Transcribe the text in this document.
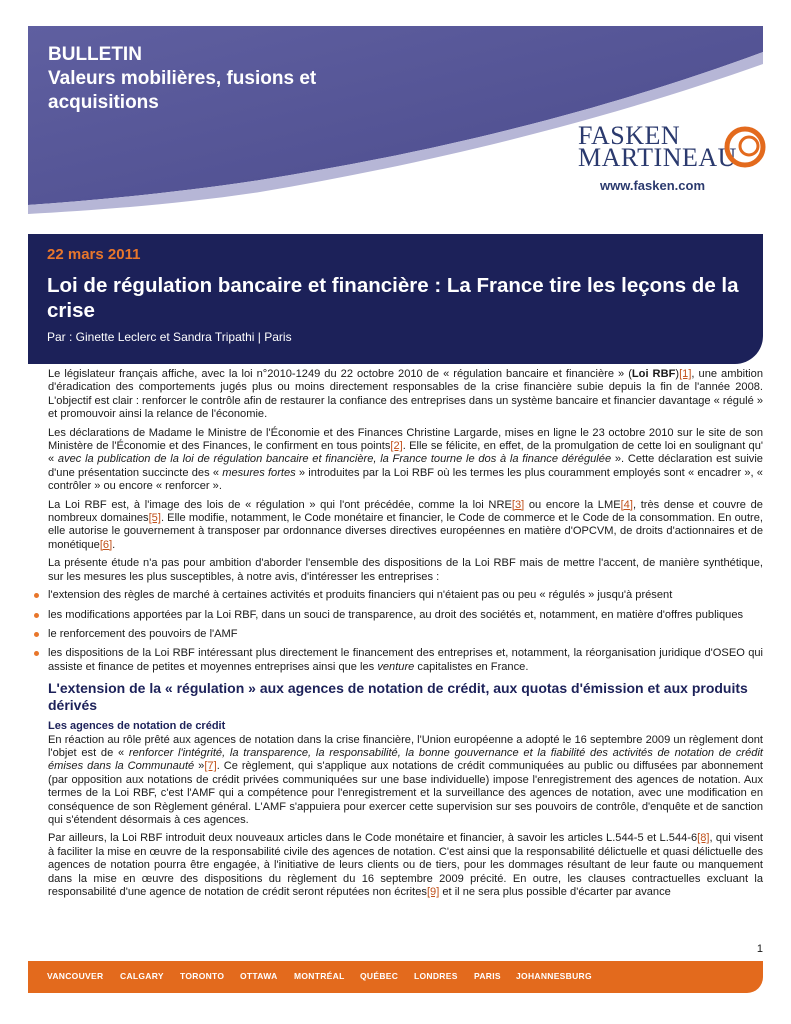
BULLETIN
Valeurs mobilières, fusions et
acquisitions
FASKEN
MARTINEAU
www.fasken.com
22 mars 2011
Loi de régulation bancaire et financière : La France tire les leçons de la crise
Par : Ginette Leclerc et Sandra Tripathi | Paris

Le législateur français affiche, avec la loi n°2010-1249 du 22 octobre 2010 de « régulation bancaire et financière » (Loi RBF)[1], une ambition d'éradication des comportements jugés plus ou moins directement responsables de la crise financière subie depuis la fin de l'année 2008. L'objectif est clair : renforcer le contrôle afin de restaurer la confiance des entreprises dans un système bancaire et financier davantage « régulé » et promouvoir ainsi la relance de l'économie.

Les déclarations de Madame le Ministre de l'Économie et des Finances Christine Largarde, mises en ligne le 23 octobre 2010 sur le site de son Ministère de l'Économie et des Finances, le confirment en tous points[2]. Elle se félicite, en effet, de la promulgation de cette loi en soulignant qu' « avec la publication de la loi de régulation bancaire et financière, la France tourne le dos à la finance dérégulée ». Cette déclaration est suivie d'une présentation succincte des « mesures fortes » introduites par la Loi RBF où les termes les plus couramment employés sont « encadrer », « contrôler » ou encore « renforcer ».

La Loi RBF est, à l'image des lois de « régulation » qui l'ont précédée, comme la loi NRE[3] ou encore la LME[4], très dense et couvre de nombreux domaines[5]. Elle modifie, notamment, le Code monétaire et financier, le Code de commerce et le Code de la consommation. En outre, elle autorise le gouvernement à transposer par ordonnance diverses directives européennes en matière d'OPCVM, de droits d'actionnaires et de monétique[6].

La présente étude n'a pas pour ambition d'aborder l'ensemble des dispositions de la Loi RBF mais de mettre l'accent, de manière synthétique, sur les mesures les plus susceptibles, à notre avis, d'intéresser les entreprises :

l'extension des règles de marché à certaines activités et produits financiers qui n'étaient pas ou peu « régulés » jusqu'à présent
les modifications apportées par la Loi RBF, dans un souci de transparence, au droit des sociétés et, notamment, en matière d'offres publiques
le renforcement des pouvoirs de l'AMF
les dispositions de la Loi RBF intéressant plus directement le financement des entreprises et, notamment, la réorganisation juridique d'OSEO qui assiste et finance de petites et moyennes entreprises ainsi que les venture capitalistes en France.
L'extension de la « régulation » aux agences de notation de crédit, aux quotas d'émission et aux produits dérivés
Les agences de notation de crédit

En réaction au rôle prêté aux agences de notation dans la crise financière, l'Union européenne a adopté le 16 septembre 2009 un règlement dont l'objet est de « renforcer l'intégrité, la transparence, la responsabilité, la bonne gouvernance et la fiabilité des activités de notation de crédit émises dans la Communauté »[7]. Ce règlement, qui s'applique aux notations de crédit communiquées au public ou diffusées par abonnement (par opposition aux notations de crédit privées communiquées sur une base individuelle) impose l'enregistrement des agences de notation. Aux termes de la Loi RBF, c'est l'AMF qui a compétence pour l'enregistrement et la surveillance des agences de notation, avec une modification en conséquence de son Règlement général. L'AMF s'appuiera pour exercer cette supervision sur ses pouvoirs de contrôle, d'enquête et de sanction qui s'étendent désormais à ces agences.

Par ailleurs, la Loi RBF introduit deux nouveaux articles dans le Code monétaire et financier, à savoir les articles L.544-5 et L.544-6[8], qui visent à faciliter la mise en œuvre de la responsabilité civile des agences de notation. C'est ainsi que la responsabilité délictuelle et quasi délictuelle des agences de notation pourra être engagée, à l'initiative de leurs clients ou de tiers, pour les dommages résultant de leur faute ou manquement dans la mise en œuvre des dispositions du règlement du 16 septembre 2009 précité. En outre, les clauses contractuelles excluant la responsabilité d'une agence de notation de crédit seront réputées non écrites[9] et il ne sera plus possible d'écarter par avance

1
VANCOUVER CALGARY TORONTO OTTAWA MONTRÉAL QUÉBEC LONDRES PARIS JOHANNESBURG
